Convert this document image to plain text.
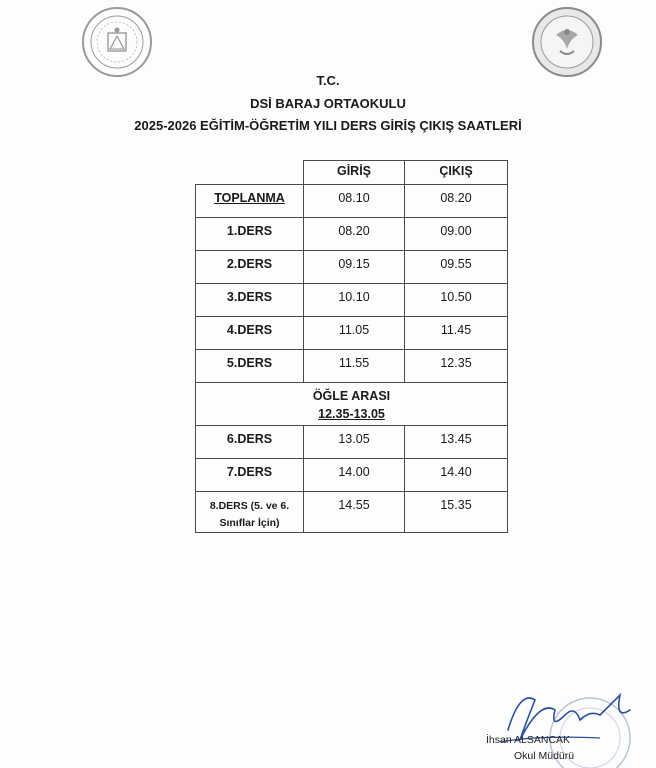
T.C.
DSİ BARAJ ORTAOKULU
2025-2026 EĞİTİM-ÖĞRETİM YILI DERS GİRİŞ ÇIKIŞ SAATLERİ
	GİRİŞ	ÇIKIŞ
TOPLANMA	08.10	08.20
1.DERS	08.20	09.00
2.DERS	09.15	09.55
3.DERS	10.10	10.50
4.DERS	11.05	11.45
5.DERS	11.55	12.35

ÖĞLE ARASI
12.35-13.05		

6.DERS	13.05	13.45
7.DERS	14.00	14.40

8.DERS (5. ve 6.
Sınıflar İçin)	14.55	15.35
İhsan ALSANCAK
Okul Müdürü
